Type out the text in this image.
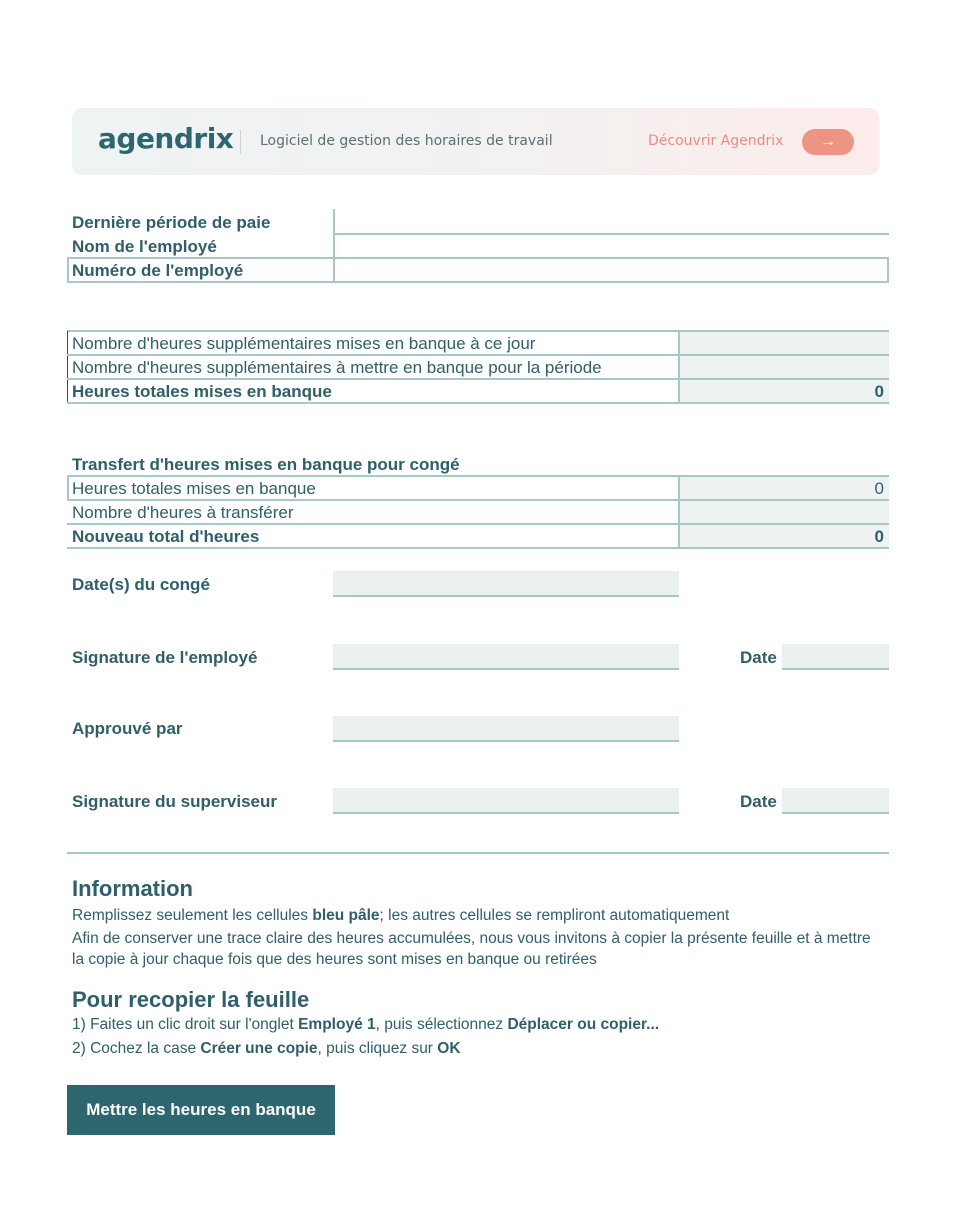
agendrix Logiciel de gestion des horaires de travail	Découvrir Agendrix	→
Dernière période de paie
Nom de l'employé
Numéro de l'employé
Nombre d'heures supplémentaires mises en banque à ce jour
Nombre d'heures supplémentaires à mettre en banque pour la période
Heures totales mises en banque	0
Transfert d'heures mises en banque pour congé
Heures totales mises en banque	0
Nombre d'heures à transférer
Nouveau total d'heures	0
Date(s) du congé
Signature de l'employé	Date
Approuvé par
Signature du superviseur	Date
Information
Remplissez seulement les cellules bleu pâle; les autres cellules se rempliront automatiquement
Afin de conserver une trace claire des heures accumulées, nous vous invitons à copier la présente feuille et à mettre la copie à jour chaque fois que des heures sont mises en banque ou retirées
Pour recopier la feuille
1) Faites un clic droit sur l'onglet Employé 1, puis sélectionnez Déplacer ou copier...
2) Cochez la case Créer une copie, puis cliquez sur OK
Mettre les heures en banque
